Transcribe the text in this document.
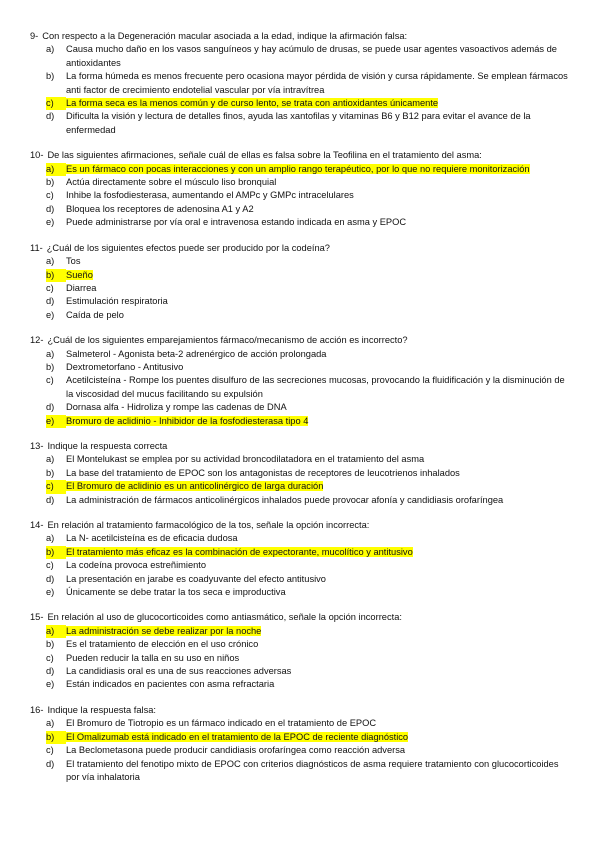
9- Con respecto a la Degeneración macular asociada a la edad, indique la afirmación falsa:
a)	Causa mucho daño en los vasos sanguíneos y hay acúmulo de drusas, se puede usar agentes vasoactivos además de antioxidantes
b)	La forma húmeda es menos frecuente pero ocasiona mayor pérdida de visión y cursa rápidamente. Se emplean fármacos anti factor de crecimiento endotelial vascular por vía intravítrea
c)	La forma seca es la menos común y de curso lento, se trata con antioxidantes únicamente
d)	Dificulta la visión y lectura de detalles finos, ayuda las xantofilas y vitaminas B6 y B12 para evitar el avance de la enfermedad
10- De las siguientes afirmaciones, señale cuál de ellas es falsa sobre la Teofilina en el tratamiento del asma:
a)	Es un fármaco con pocas interacciones y con un amplio rango terapéutico, por lo que no requiere monitorización
b)	Actúa directamente sobre el músculo liso bronquial
c)	Inhibe la fosfodiesterasa, aumentando el AMPc y GMPc intracelulares
d)	Bloquea los receptores de adenosina A1 y A2
e)	Puede administrarse por vía oral e intravenosa estando indicada en asma y EPOC
11- ¿Cuál de los siguientes efectos puede ser producido por la codeína?
a)	Tos
b)	Sueño
c)	Diarrea
d)	Estimulación respiratoria
e)	Caída de pelo
12- ¿Cuál de los siguientes emparejamientos fármaco/mecanismo de acción es incorrecto?
a)	Salmeterol - Agonista beta-2 adrenérgico de acción prolongada
b)	Dextrometorfano - Antitusivo
c)	Acetilcisteína - Rompe los puentes disulfuro de las secreciones mucosas, provocando la fluidificación y la disminución de la viscosidad del mucus facilitando su expulsión
d)	Dornasa alfa - Hidroliza y rompe las cadenas de DNA
e)	Bromuro de aclidinio - Inhibidor de la fosfodiesterasa tipo 4
13- Indique la respuesta correcta
a)	El Montelukast se emplea por su actividad broncodilatadora en el tratamiento del asma
b)	La base del tratamiento de EPOC son los antagonistas de receptores de leucotrienos inhalados
c)	El Bromuro de aclidinio es un anticolinérgico de larga duración
d)	La administración de fármacos anticolinérgicos inhalados puede provocar afonía y candidiasis orofaríngea
14- En relación al tratamiento farmacológico de la tos, señale la opción incorrecta:
a)	La N- acetilcisteína es de eficacia dudosa
b)	El tratamiento más eficaz es la combinación de expectorante, mucolítico y antitusivo
c)	La codeína provoca estreñimiento
d)	La presentación en jarabe es coadyuvante del efecto antitusivo
e)	Únicamente se debe tratar la tos seca e improductiva
15- En relación al uso de glucocorticoides como antiasmático, señale la opción incorrecta:
a)	La administración se debe realizar por la noche
b)	Es el tratamiento de elección en el uso crónico
c)	Pueden reducir la talla en su uso en niños
d)	La candidiasis oral es una de sus reacciones adversas
e)	Están indicados en pacientes con asma refractaria
16- Indique la respuesta falsa:
a)	El Bromuro de Tiotropio es un fármaco indicado en el tratamiento de EPOC
b)	El Omalizumab está indicado en el tratamiento de la EPOC de reciente diagnóstico
c)	La Beclometasona puede producir candidiasis orofaríngea como reacción adversa
d)	El tratamiento del fenotipo mixto de EPOC con criterios diagnósticos de asma requiere tratamiento con glucocorticoides por vía inhalatoria
